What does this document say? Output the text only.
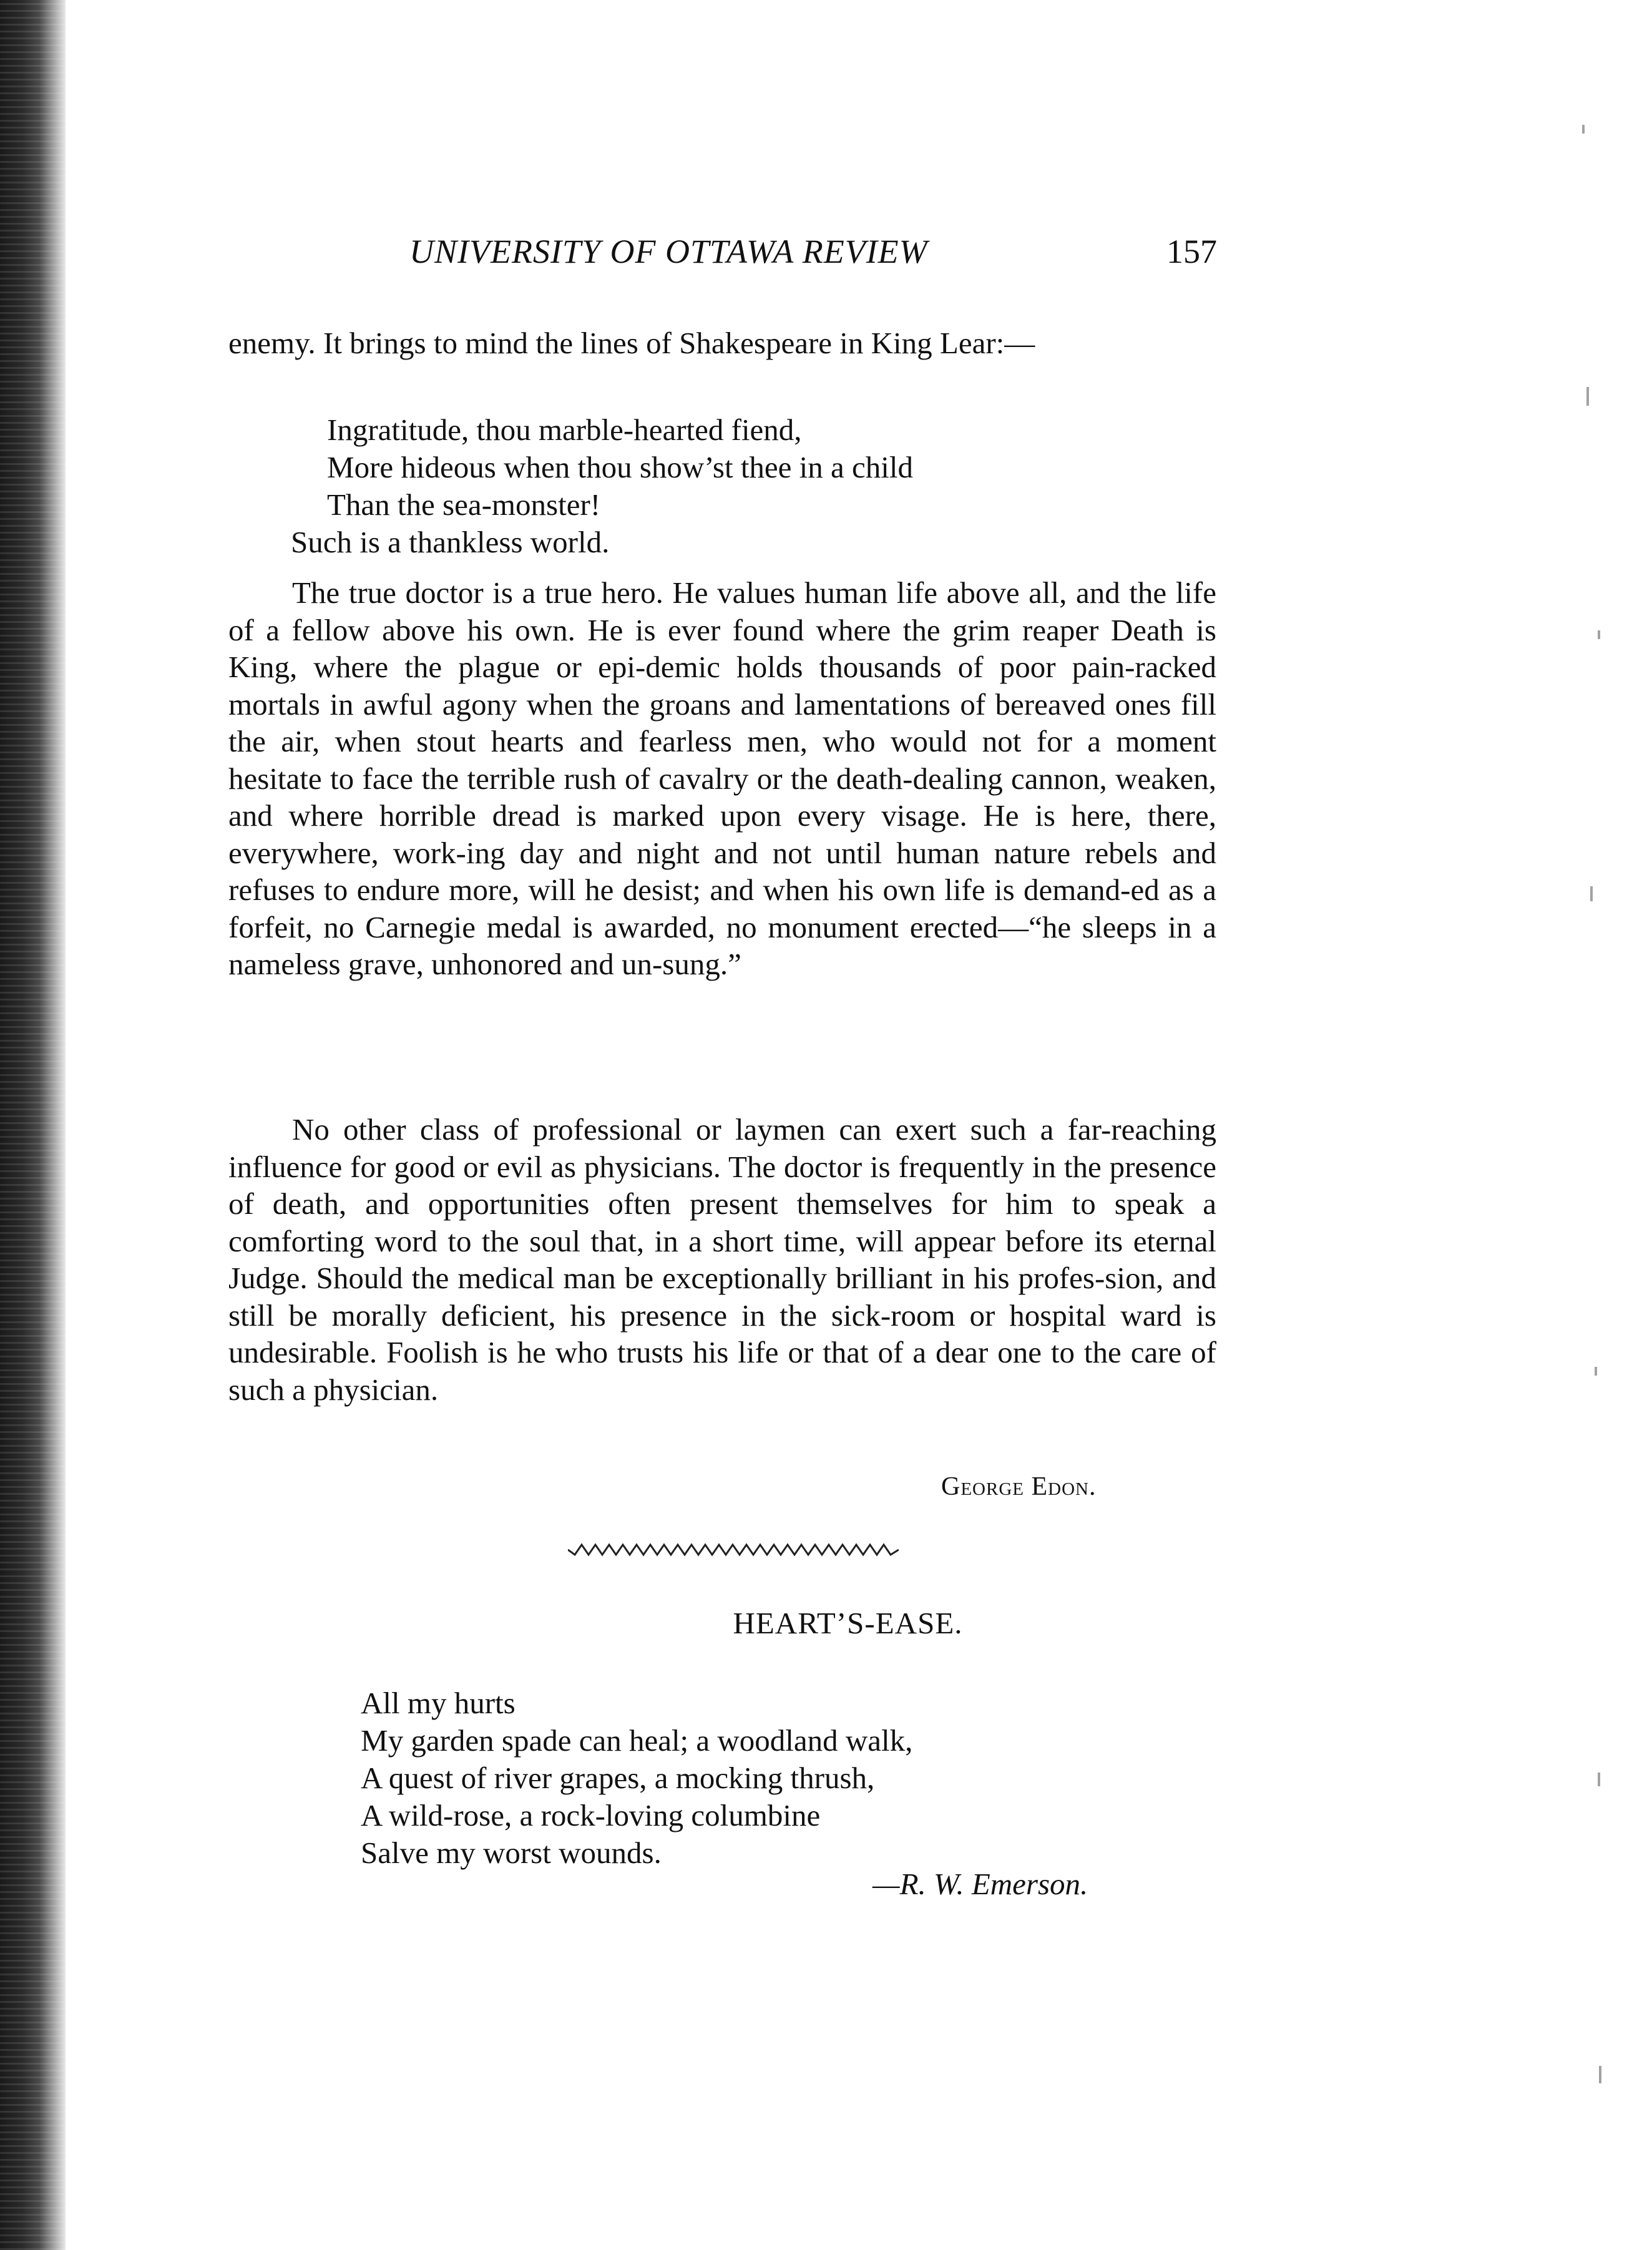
UNIVERSITY OF OTTAWA REVIEW	157

enemy. It brings to mind the lines of Shakespeare in King Lear:—

Ingratitude, thou marble-hearted fiend,
More hideous when thou show’st thee in a child
Than the sea-monster!
Such is a thankless world.

The true doctor is a true hero. He values human life above all, and the life of a fellow above his own. He is ever found where the grim reaper Death is King, where the plague or epi-demic holds thousands of poor pain-racked mortals in awful agony when the groans and lamentations of bereaved ones fill the air, when stout hearts and fearless men, who would not for a moment hesitate to face the terrible rush of cavalry or the death-dealing cannon, weaken, and where horrible dread is marked upon every visage. He is here, there, everywhere, work-ing day and night and not until human nature rebels and refuses to endure more, will he desist; and when his own life is demand-ed as a forfeit, no Carnegie medal is awarded, no monument erected—“he sleeps in a nameless grave, unhonored and un-sung.”

No other class of professional or laymen can exert such a far-reaching influence for good or evil as physicians. The doctor is frequently in the presence of death, and opportunities often present themselves for him to speak a comforting word to the soul that, in a short time, will appear before its eternal Judge. Should the medical man be exceptionally brilliant in his profes-sion, and still be morally deficient, his presence in the sick-room or hospital ward is undesirable. Foolish is he who trusts his life or that of a dear one to the care of such a physician.

George Edon.
HEART’S-EASE.
All my hurts
My garden spade can heal; a woodland walk,
A quest of river grapes, a mocking thrush,
A wild-rose, a rock-loving columbine
Salve my worst wounds.
—R. W. Emerson.
